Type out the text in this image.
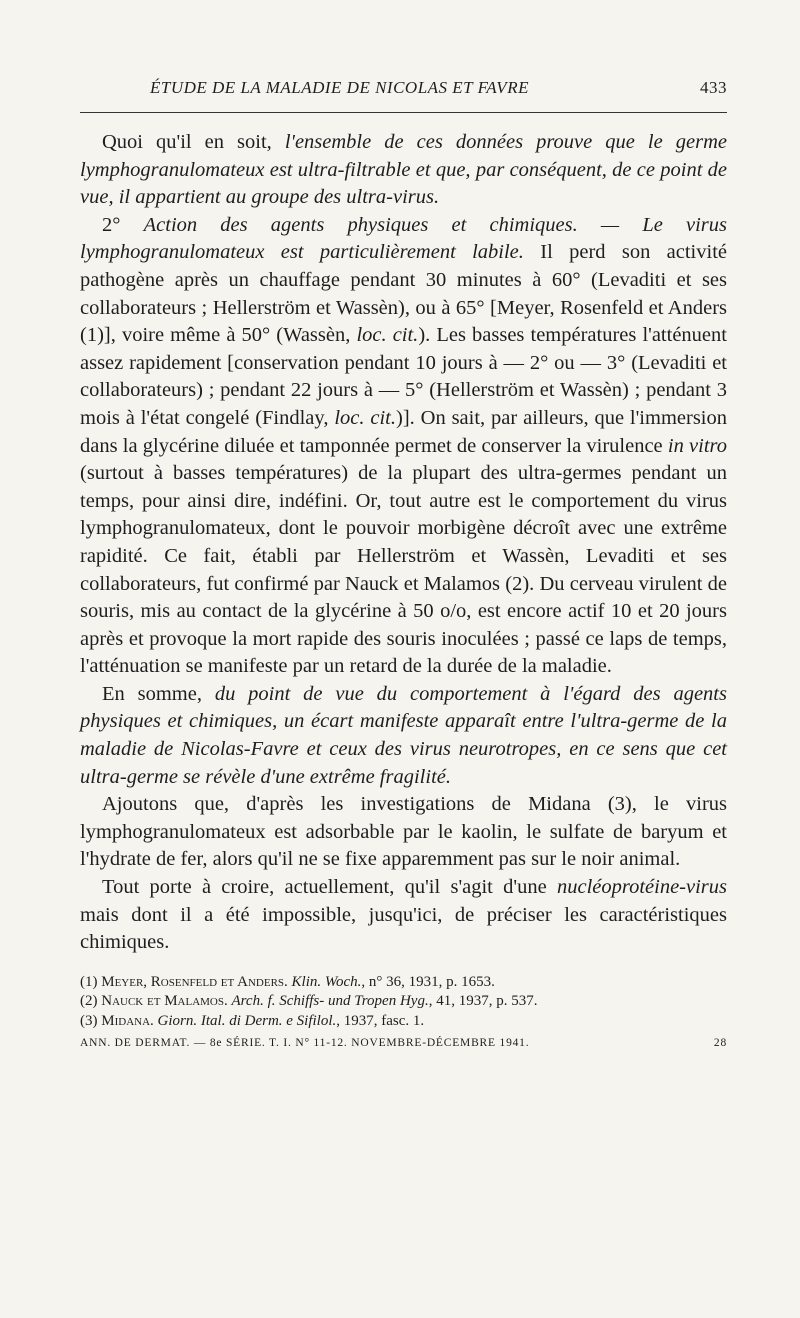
ÉTUDE DE LA MALADIE DE NICOLAS ET FAVRE	433

Quoi qu'il en soit, l'ensemble de ces données prouve que le germe lymphogranulomateux est ultra-filtrable et que, par conséquent, de ce point de vue, il appartient au groupe des ultra-virus.

2° Action des agents physiques et chimiques. — Le virus lymphogranulomateux est particulièrement labile. Il perd son activité pathogène après un chauffage pendant 30 minutes à 60° (Levaditi et ses collaborateurs ; Hellerström et Wassèn), ou à 65° [Meyer, Rosenfeld et Anders (1)], voire même à 50° (Wassèn, loc. cit.). Les basses températures l'atténuent assez rapidement [conservation pendant 10 jours à — 2° ou — 3° (Levaditi et collaborateurs) ; pendant 22 jours à — 5° (Hellerström et Wassèn) ; pendant 3 mois à l'état congelé (Findlay, loc. cit.)]. On sait, par ailleurs, que l'immersion dans la glycérine diluée et tamponnée permet de conserver la virulence in vitro (surtout à basses températures) de la plupart des ultra-germes pendant un temps, pour ainsi dire, indéfini. Or, tout autre est le comportement du virus lymphogranulomateux, dont le pouvoir morbigène décroît avec une extrême rapidité. Ce fait, établi par Hellerström et Wassèn, Levaditi et ses collaborateurs, fut confirmé par Nauck et Malamos (2). Du cerveau virulent de souris, mis au contact de la glycérine à 50 o/o, est encore actif 10 et 20 jours après et provoque la mort rapide des souris inoculées ; passé ce laps de temps, l'atténuation se manifeste par un retard de la durée de la maladie.

En somme, du point de vue du comportement à l'égard des agents physiques et chimiques, un écart manifeste apparaît entre l'ultra-germe de la maladie de Nicolas-Favre et ceux des virus neurotropes, en ce sens que cet ultra-germe se révèle d'une extrême fragilité.

Ajoutons que, d'après les investigations de Midana (3), le virus lymphogranulomateux est adsorbable par le kaolin, le sulfate de baryum et l'hydrate de fer, alors qu'il ne se fixe apparemment pas sur le noir animal.

Tout porte à croire, actuellement, qu'il s'agit d'une nucléoprotéine-virus mais dont il a été impossible, jusqu'ici, de préciser les caractéristiques chimiques.

(1) Meyer, Rosenfeld et Anders. Klin. Woch., n° 36, 1931, p. 1653.

(2) Nauck et Malamos. Arch. f. Schiffs- und Tropen Hyg., 41, 1937, p. 537.

(3) Midana. Giorn. Ital. di Derm. e Sifilol., 1937, fasc. 1.

ANN. DE DERMAT. — 8e SÉRIE. T. I. N° 11-12. NOVEMBRE-DÉCEMBRE 1941.	28
